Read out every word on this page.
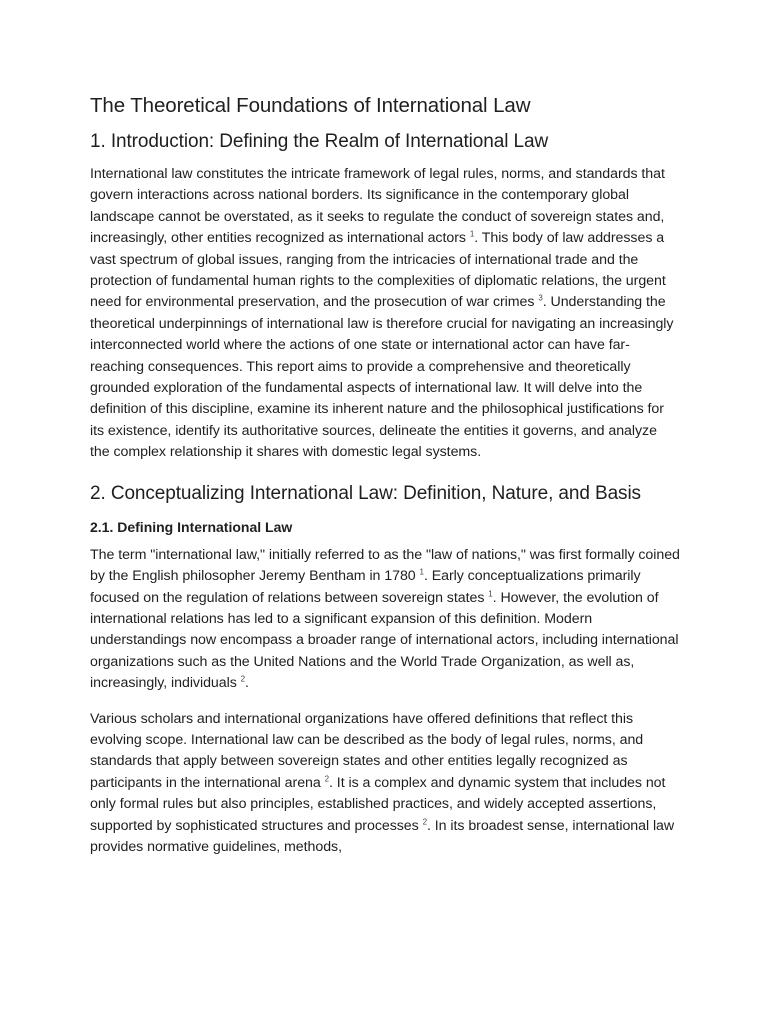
The Theoretical Foundations of International Law
1. Introduction: Defining the Realm of International Law

International law constitutes the intricate framework of legal rules, norms, and standards that govern interactions across national borders. Its significance in the contemporary global landscape cannot be overstated, as it seeks to regulate the conduct of sovereign states and, increasingly, other entities recognized as international actors $^1$. This body of law addresses a vast spectrum of global issues, ranging from the intricacies of international trade and the protection of fundamental human rights to the complexities of diplomatic relations, the urgent need for environmental preservation, and the prosecution of war crimes $^3$. Understanding the theoretical underpinnings of international law is therefore crucial for navigating an increasingly interconnected world where the actions of one state or international actor can have far-reaching consequences. This report aims to provide a comprehensive and theoretically grounded exploration of the fundamental aspects of international law. It will delve into the definition of this discipline, examine its inherent nature and the philosophical justifications for its existence, identify its authoritative sources, delineate the entities it governs, and analyze the complex relationship it shares with domestic legal systems.

2. Conceptualizing International Law: Definition, Nature, and Basis
2.1. Defining International Law

The term "international law," initially referred to as the "law of nations," was first formally coined by the English philosopher Jeremy Bentham in 1780 $^1$. Early conceptualizations primarily focused on the regulation of relations between sovereign states $^1$. However, the evolution of international relations has led to a significant expansion of this definition. Modern understandings now encompass a broader range of international actors, including international organizations such as the United Nations and the World Trade Organization, as well as, increasingly, individuals $^2$.

Various scholars and international organizations have offered definitions that reflect this evolving scope. International law can be described as the body of legal rules, norms, and standards that apply between sovereign states and other entities legally recognized as participants in the international arena $^2$. It is a complex and dynamic system that includes not only formal rules but also principles, established practices, and widely accepted assertions, supported by sophisticated structures and processes $^2$. In its broadest sense, international law provides normative guidelines, methods,
